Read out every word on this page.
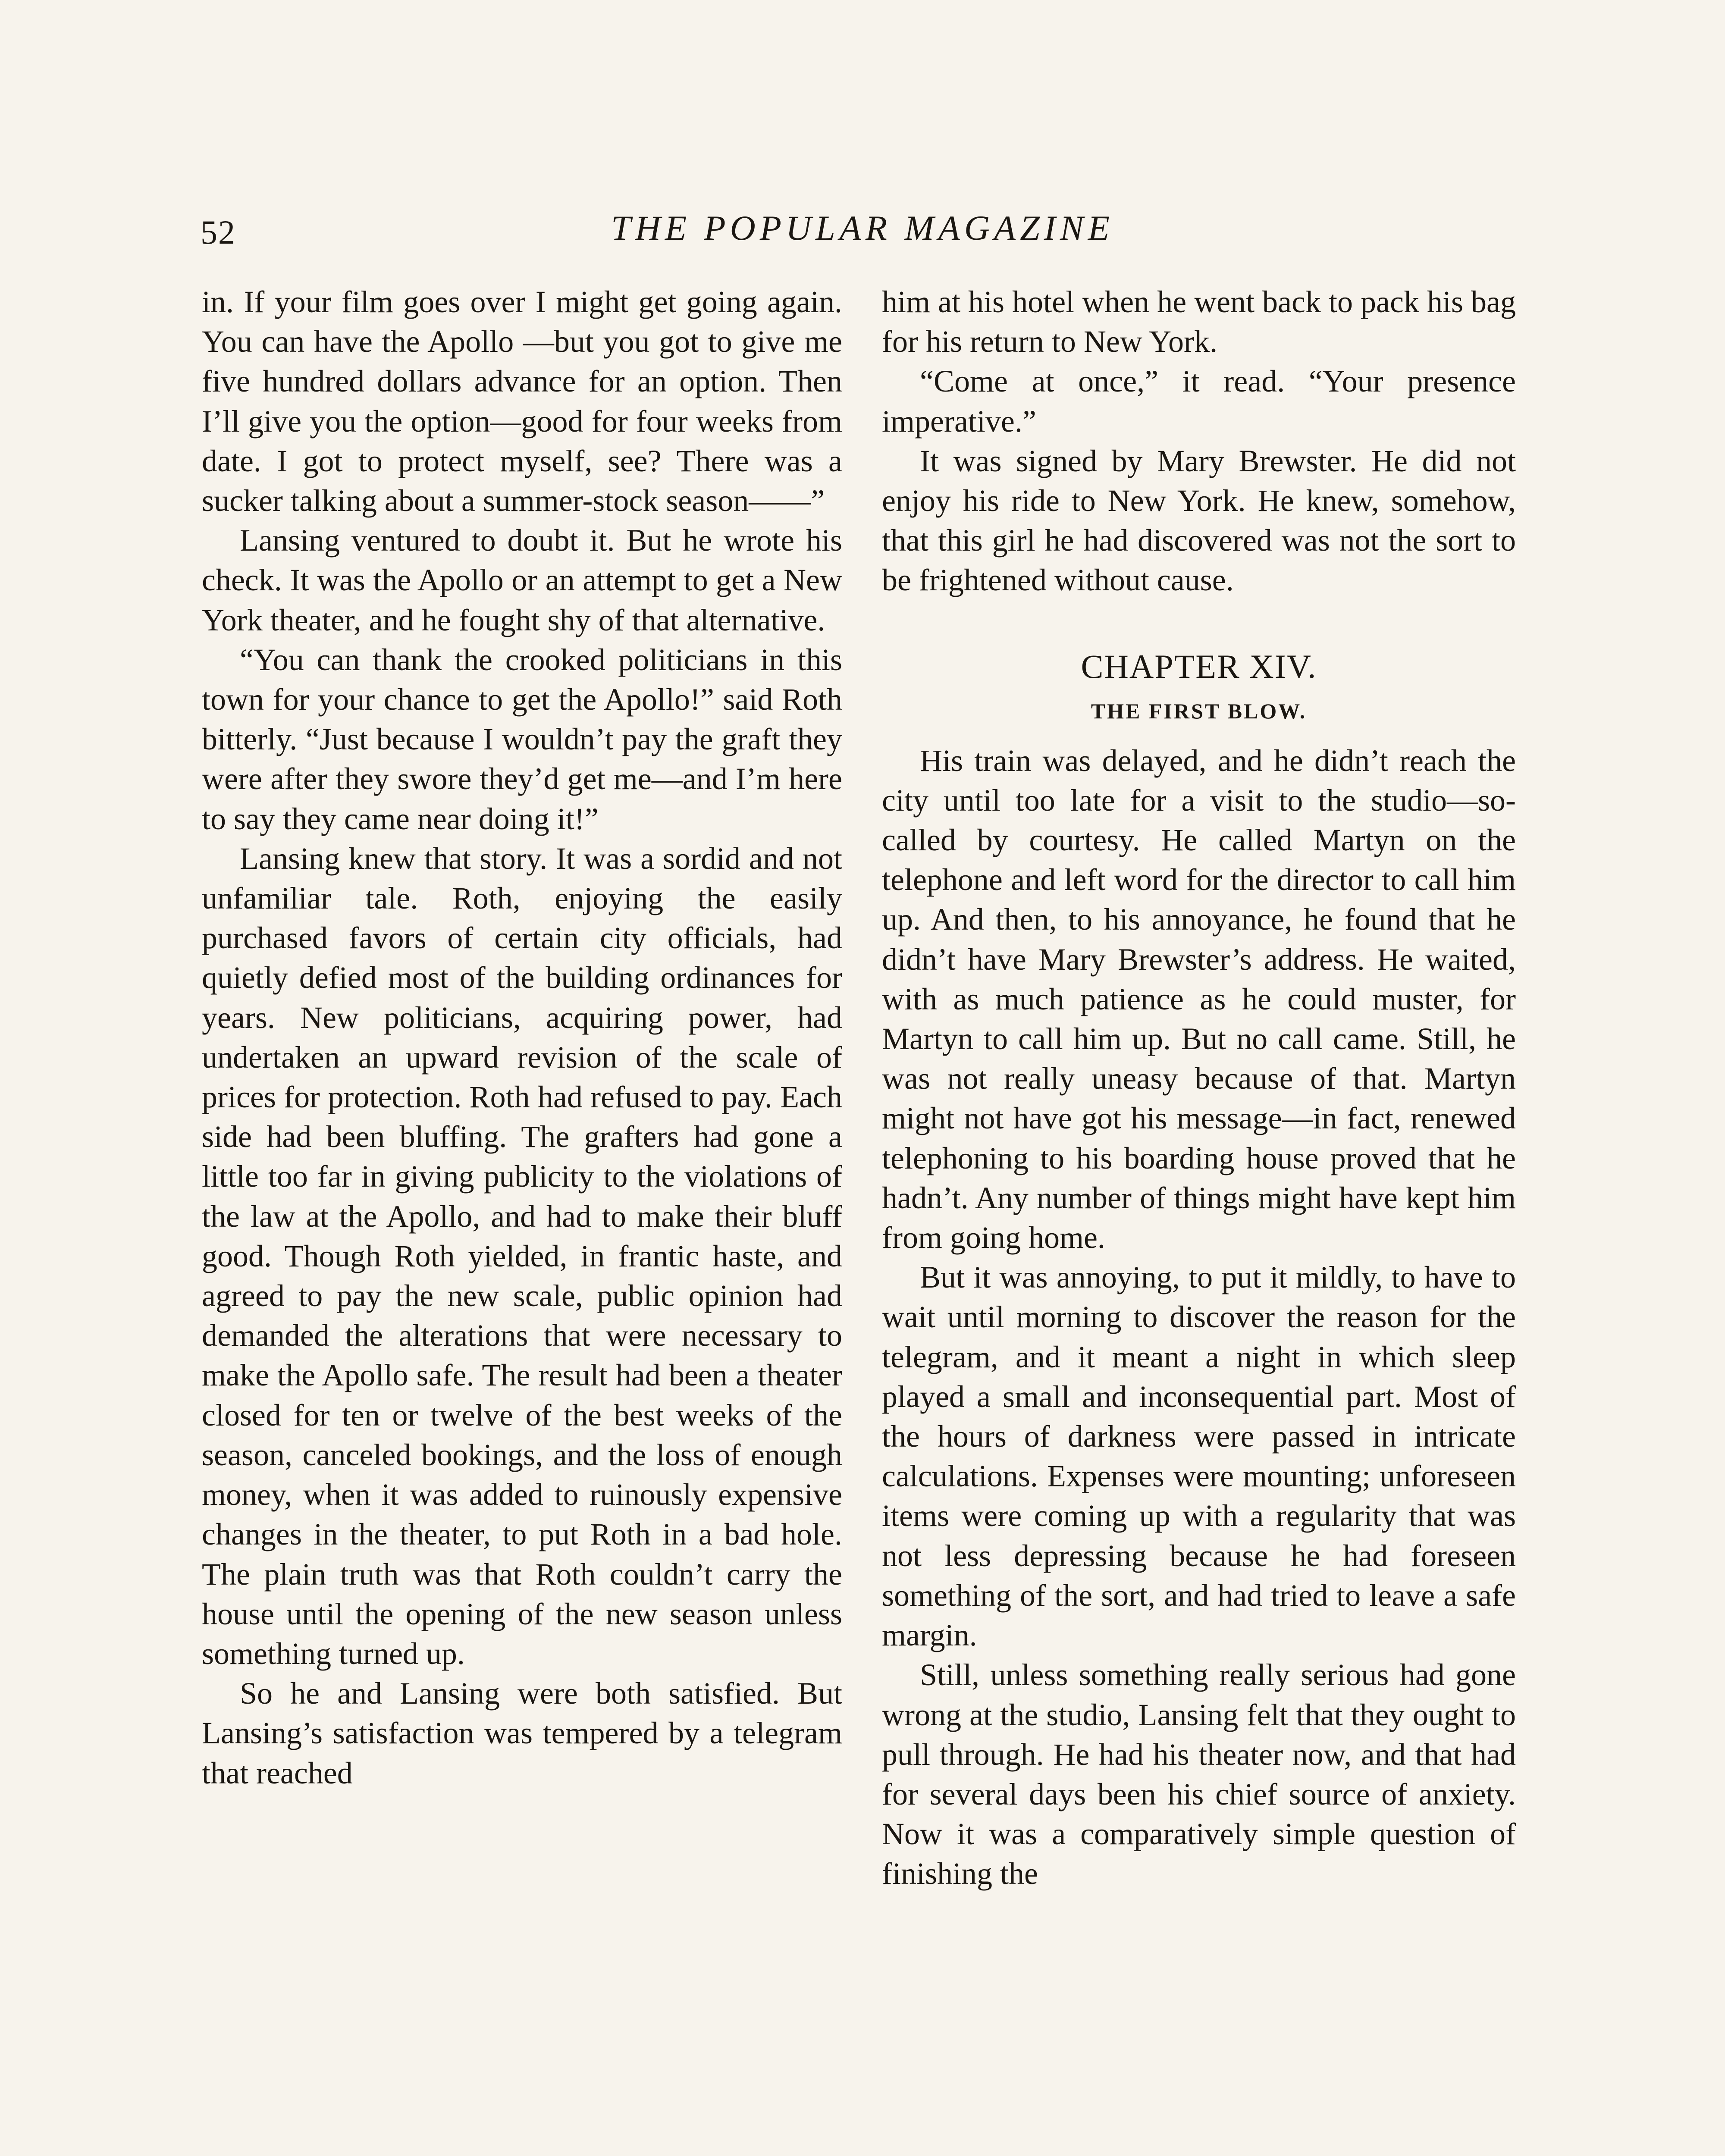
52	THE POPULAR MAGAZINE

in. If your film goes over I might get going again. You can have the Apollo —but you got to give me five hundred dollars advance for an option. Then I’ll give you the option—good for four weeks from date. I got to protect myself, see? There was a sucker talking about a summer-stock season——”

Lansing ventured to doubt it. But he wrote his check. It was the Apollo or an attempt to get a New York theater, and he fought shy of that alternative.

“You can thank the crooked politicians in this town for your chance to get the Apollo!” said Roth bitterly. “Just because I wouldn’t pay the graft they were after they swore they’d get me—and I’m here to say they came near doing it!”

Lansing knew that story. It was a sordid and not unfamiliar tale. Roth, enjoying the easily purchased favors of certain city officials, had quietly defied most of the building ordinances for years. New politicians, acquiring power, had undertaken an upward revision of the scale of prices for protection. Roth had refused to pay. Each side had been bluffing. The grafters had gone a little too far in giving publicity to the violations of the law at the Apollo, and had to make their bluff good. Though Roth yielded, in frantic haste, and agreed to pay the new scale, public opinion had demanded the alterations that were necessary to make the Apollo safe. The result had been a theater closed for ten or twelve of the best weeks of the season, canceled bookings, and the loss of enough money, when it was added to ruinously expensive changes in the theater, to put Roth in a bad hole. The plain truth was that Roth couldn’t carry the house until the opening of the new season unless something turned up.

So he and Lansing were both satisfied. But Lansing’s satisfaction was tempered by a telegram that reached

him at his hotel when he went back to pack his bag for his return to New York.

“Come at once,” it read. “Your presence imperative.”

It was signed by Mary Brewster. He did not enjoy his ride to New York. He knew, somehow, that this girl he had discovered was not the sort to be frightened without cause.

CHAPTER XIV.
THE FIRST BLOW.

His train was delayed, and he didn’t reach the city until too late for a visit to the studio—so-called by courtesy. He called Martyn on the telephone and left word for the director to call him up. And then, to his annoyance, he found that he didn’t have Mary Brewster’s address. He waited, with as much patience as he could muster, for Martyn to call him up. But no call came. Still, he was not really uneasy because of that. Martyn might not have got his message—in fact, renewed telephoning to his boarding house proved that he hadn’t. Any number of things might have kept him from going home.

But it was annoying, to put it mildly, to have to wait until morning to discover the reason for the telegram, and it meant a night in which sleep played a small and inconsequential part. Most of the hours of darkness were passed in intricate calculations. Expenses were mounting; unforeseen items were coming up with a regularity that was not less depressing because he had foreseen something of the sort, and had tried to leave a safe margin.

Still, unless something really serious had gone wrong at the studio, Lansing felt that they ought to pull through. He had his theater now, and that had for several days been his chief source of anxiety. Now it was a comparatively simple question of finishing the
